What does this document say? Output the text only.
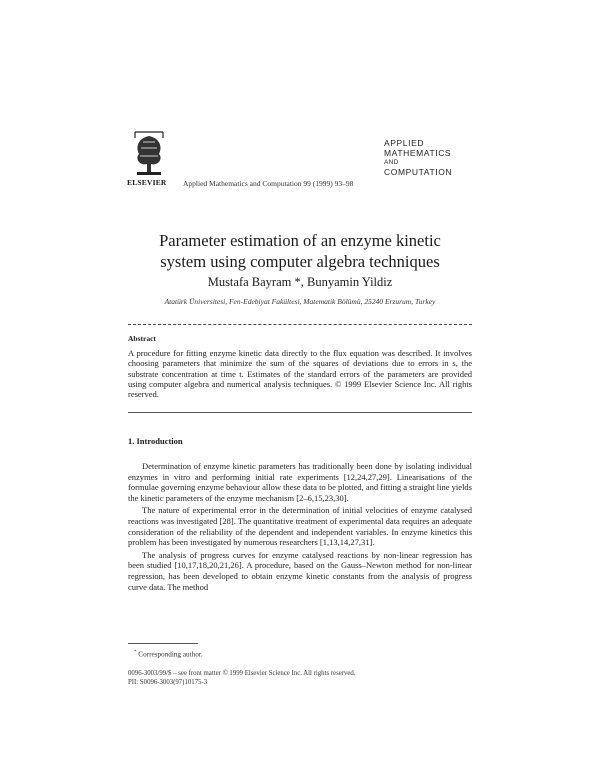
ELSEVIER Applied Mathematics and Computation 99 (1999) 93–98
APPLIED
MATHEMATICS
AND
COMPUTATION
Parameter estimation of an enzyme kinetic
system using computer algebra techniques
Mustafa Bayram *, Bunyamin Yildiz
Atatürk Üniversitesi, Fen-Edebiyat Fakültesi, Matematik Bölümü, 25240 Erzurum, Turkey
Abstract
A procedure for fitting enzyme kinetic data directly to the flux equation was described. It involves choosing parameters that minimize the sum of the squares of deviations due to errors in s, the substrate concentration at time t. Estimates of the standard errors of the parameters are provided using computer algebra and numerical analysis techniques. © 1999 Elsevier Science Inc. All rights reserved.
1. Introduction

Determination of enzyme kinetic parameters has traditionally been done by isolating individual enzymes in vitro and performing initial rate experiments [12,24,27,29]. Linearisations of the formulae governing enzyme behaviour allow these data to be plotted, and fitting a straight line yields the kinetic parameters of the enzyme mechanism [2–6,15,23,30].

The nature of experimental error in the determination of initial velocities of enzyme catalysed reactions was investigated [28]. The quantitative treatment of experimental data requires an adequate consideration of the reliability of the dependent and independent variables. In enzyme kinetics this problem has been investigated by numerous researchers [1,13,14,27,31].

The analysis of progress curves for enzyme catalysed reactions by non-linear regression has been studied [10,17,18,20,21,26]. A procedure, based on the Gauss–Newton method for non-linear regression, has been developed to obtain enzyme kinetic constants from the analysis of progress curve data. The method

* Corresponding author.
0096-3003/99/$ – see front matter © 1999 Elsevier Science Inc. All rights reserved.
PII: S0096-3003(97)10175-3
